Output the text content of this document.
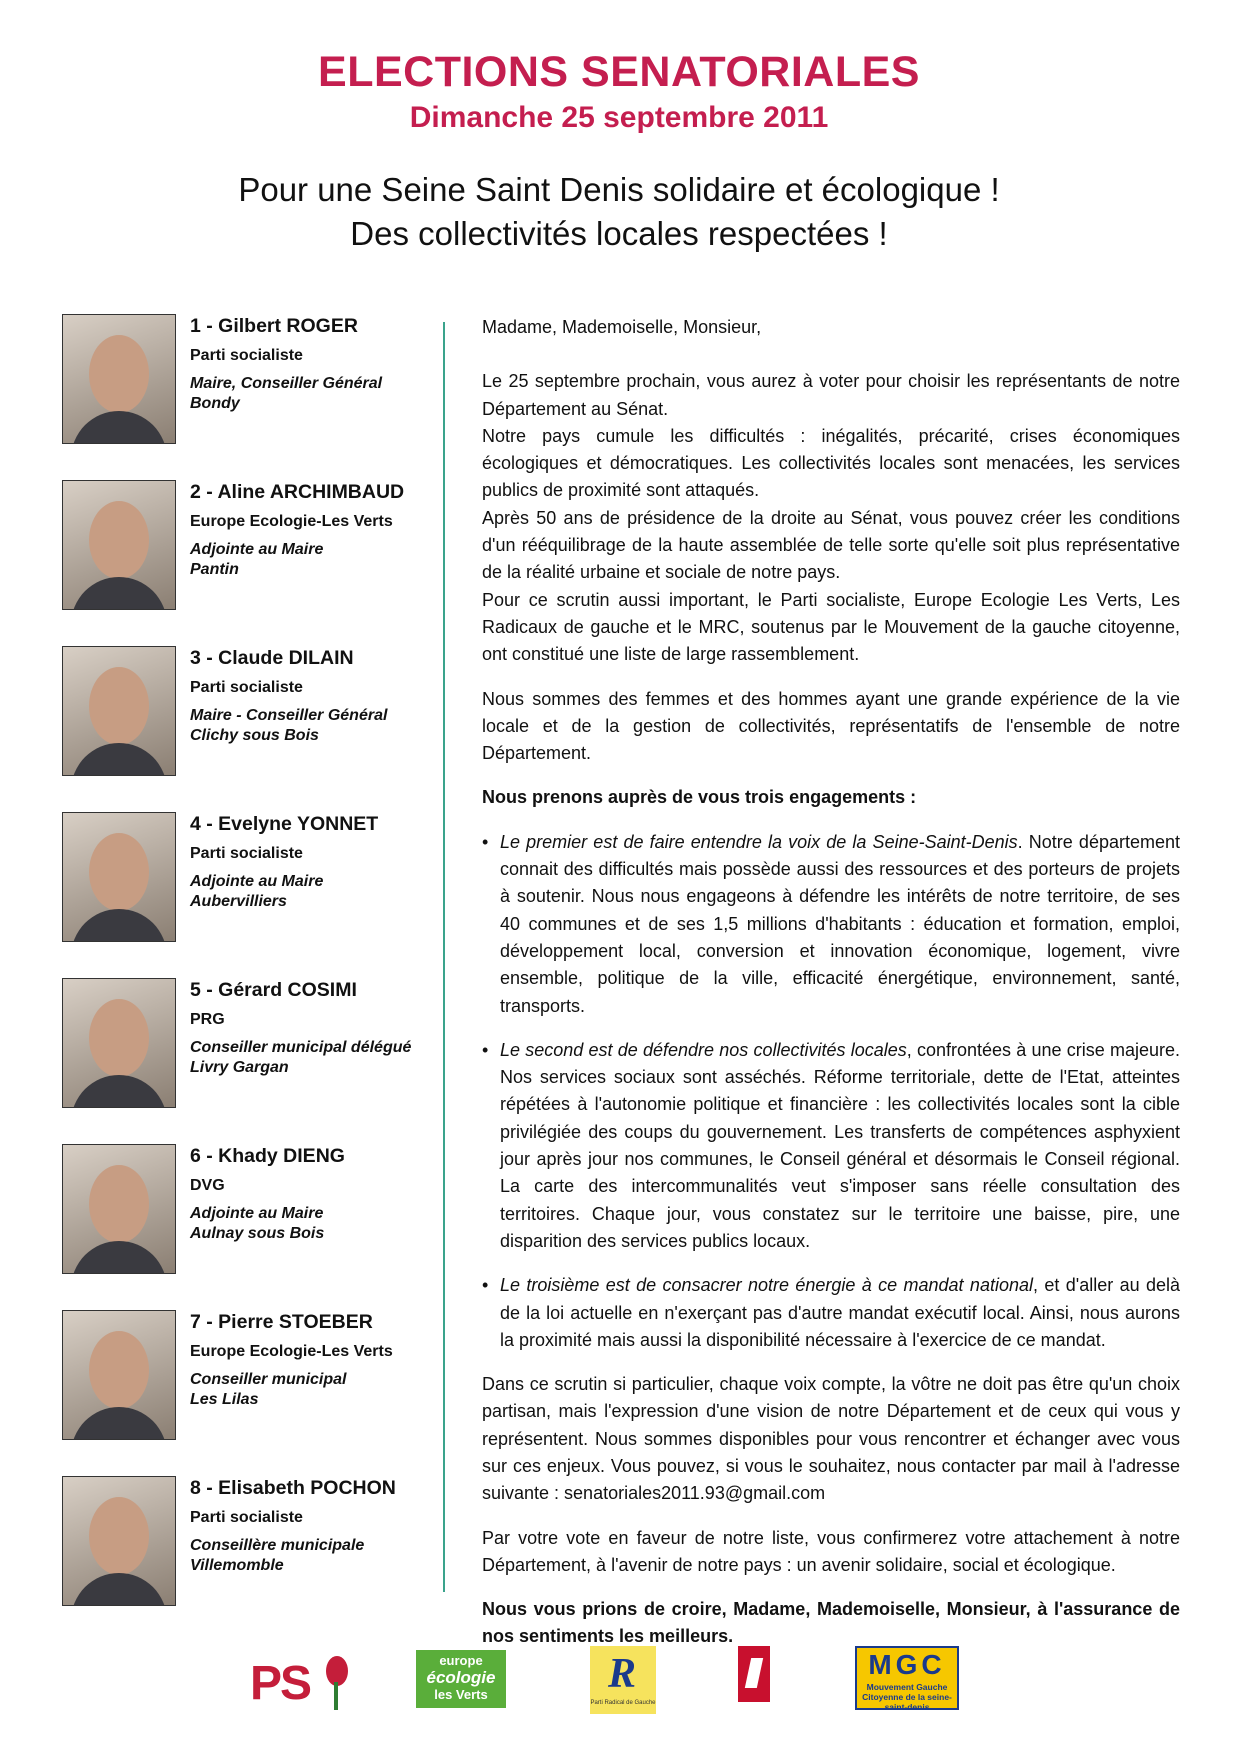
ELECTIONS SENATORIALES
Dimanche 25 septembre 2011
Pour une Seine Saint Denis solidaire et écologique !
Des collectivités locales respectées !
1 - Gilbert ROGER
Parti socialiste
Maire, Conseiller Général
Bondy
2 - Aline ARCHIMBAUD
Europe Ecologie-Les Verts
Adjointe au Maire
Pantin
3 - Claude DILAIN
Parti socialiste
Maire - Conseiller Général
Clichy sous Bois
4 - Evelyne YONNET
Parti socialiste
Adjointe au Maire
Aubervilliers
5 - Gérard COSIMI
PRG
Conseiller municipal délégué
Livry Gargan
6 - Khady DIENG
DVG
Adjointe au Maire
Aulnay sous Bois
7 - Pierre STOEBER
Europe Ecologie-Les Verts
Conseiller municipal
Les Lilas
8 - Elisabeth POCHON
Parti socialiste
Conseillère municipale
Villemomble

Madame, Mademoiselle, Monsieur,

Le 25 septembre prochain, vous aurez à voter pour choisir les représentants de notre Département au Sénat.

Notre pays cumule les difficultés : inégalités, précarité, crises économiques écologiques et démocratiques. Les collectivités locales sont menacées, les services publics de proximité sont attaqués.

Après 50 ans de présidence de la droite au Sénat, vous pouvez créer les conditions d'un rééquilibrage de la haute assemblée de telle sorte qu'elle soit plus représentative de la réalité urbaine et sociale de notre pays.

Pour ce scrutin aussi important, le Parti socialiste, Europe Ecologie Les Verts, Les Radicaux de gauche et le MRC, soutenus par le Mouvement de la gauche citoyenne, ont constitué une liste de large rassemblement.

Nous sommes des femmes et des hommes ayant une grande expérience de la vie locale et de la gestion de collectivités, représentatifs de l'ensemble de notre Département.

Nous prenons auprès de vous trois engagements :

• Le premier est de faire entendre la voix de la Seine-Saint-Denis. Notre département connait des difficultés mais possède aussi des ressources et des porteurs de projets à soutenir. Nous nous engageons à défendre les intérêts de notre territoire, de ses 40 communes et de ses 1,5 millions d'habitants : éducation et formation, emploi, développement local, conversion et innovation économique, logement, vivre ensemble, politique de la ville, efficacité énergétique, environnement, santé, transports.
• Le second est de défendre nos collectivités locales, confrontées à une crise majeure. Nos services sociaux sont asséchés. Réforme territoriale, dette de l'Etat, atteintes répétées à l'autonomie politique et financière : les collectivités locales sont la cible privilégiée des coups du gouvernement. Les transferts de compétences asphyxient jour après jour nos communes, le Conseil général et désormais le Conseil régional. La carte des intercommunalités veut s'imposer sans réelle consultation des territoires. Chaque jour, vous constatez sur le territoire une baisse, pire, une disparition des services publics locaux.
• Le troisième est de consacrer notre énergie à ce mandat national, et d'aller au delà de la loi actuelle en n'exerçant pas d'autre mandat exécutif local. Ainsi, nous aurons la proximité mais aussi la disponibilité nécessaire à l'exercice de ce mandat.

Dans ce scrutin si particulier, chaque voix compte, la vôtre ne doit pas être qu'un choix partisan, mais l'expression d'une vision de notre Département et de ceux qui vous y représentent. Nous sommes disponibles pour vous rencontrer et échanger avec vous sur ces enjeux. Vous pouvez, si vous le souhaitez, nous contacter par mail à l'adresse suivante : senatoriales2011.93@gmail.com

Par votre vote en faveur de notre liste, vous confirmerez votre attachement à notre Département, à l'avenir de notre pays : un avenir solidaire, social et écologique.

Nous vous prions de croire, Madame, Mademoiselle, Monsieur, à l'assurance de nos sentiments les meilleurs.

PS	europe
écologie
les Verts	R
Parti Radical de Gauche
MGC
Mouvement Gauche Citoyenne de la seine-saint-denis
